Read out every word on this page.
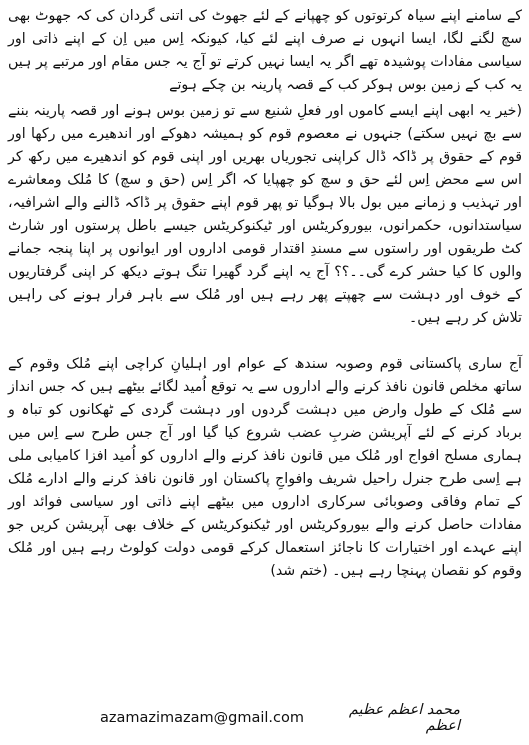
کے سامنے اپنے سیاہ کرتوتوں کو چھپانے کے لئے جھوٹ کی اتنی گردان کی کہ جھوٹ بھی سچ لگنے لگا، ایسا انہوں نے صرف اپنے لئے کیا، کیونکہ اِس میں اِن کے اپنے ذاتی اور سیاسی مفادات پوشیدہ تھے اگر یہ ایسا نہیں کرتے تو آج یہ جس مقام اور مرتبے پر ہیں یہ کب کے زمین بوس ہوکر کب کے قصہ پارینہ بن چکے ہوتے
(خیر یہ ابھی اپنے ایسے کاموں اور فعلِ شنیع سے تو زمین بوس ہونے اور قصہ پارینہ بننے سے بچ نہیں سکتے) جنہوں نے معصوم قوم کو ہمیشہ دھوکے اور اندھیرے میں رکھا اور قوم کے حقوق پر ڈاکہ ڈال کراپنی تجوریاں بھریں اور اپنی قوم کو اندھیرے میں رکھ کر اس سے محض اِس لئے حق و سچ کو چھپایا کہ اگر اِس (حق و سچ) کا مُلک ومعاشرے اور تہذیب و زمانے میں بول بالا ہوگیا تو پھر قوم اپنے حقوق پر ڈاکہ ڈالنے والے اشرافیہ، سیاستدانوں، حکمرانوں، بیوروکریٹس اور ٹیکنوکریٹس جیسے باطل پرستوں اور شارٹ کٹ طریقوں اور راستوں سے مسندِ اقتدار قومی اداروں اور ایوانوں پر اپنا پنجہ جمانے والوں کا کیا حشر کرے گی۔۔؟؟ آج یہ اپنے گرد گھیرا تنگ ہوتے دیکھ کر اپنی گرفتاریوں کے خوف اور دہشت سے چھپتے پھر رہے ہیں اور مُلک سے باہر فرار ہونے کی راہیں تلاش کر رہے ہیں۔
آج ساری پاکستانی قوم وصوبہ سندھ کے عوام اور اہلیانِ کراچی اپنے مُلک وقوم کے ساتھ مخلص قانون نافذ کرنے والے اداروں سے یہ توقع اُمید لگائے بیٹھے ہیں کہ جس انداز سے مُلک کے طول وارض میں دہشت گردوں اور دہشت گردی کے ٹھکانوں کو تباہ و برباد کرنے کے لئے آپریشن ضربِ عضب شروع کیا گیا اور آج جس طرح سے اِس میں ہماری مسلح افواج اور مُلک میں قانون نافذ کرنے والے اداروں کو اُمید افزا کامیابی ملی ہے اِسی طرح جنرل راحیل شریف وافواجِ پاکستان اور قانون نافذ کرنے والے ادارے مُلک کے تمام وفاقی وصوبائی سرکاری اداروں میں بیٹھے اپنے ذاتی اور سیاسی فوائد اور مفادات حاصل کرنے والے بیوروکریٹس اور ٹیکنوکریٹس کے خلاف بھی آپریشن کریں جو اپنے عہدے اور اختیارات کا ناجائز استعمال کرکے قومی دولت کولوٹ رہے ہیں اور مُلک وقوم کو نقصان پہنچا رہے ہیں۔ (ختم شد)
azamazimazam@gmail.com	محمد اعظم عظیم اعظم
